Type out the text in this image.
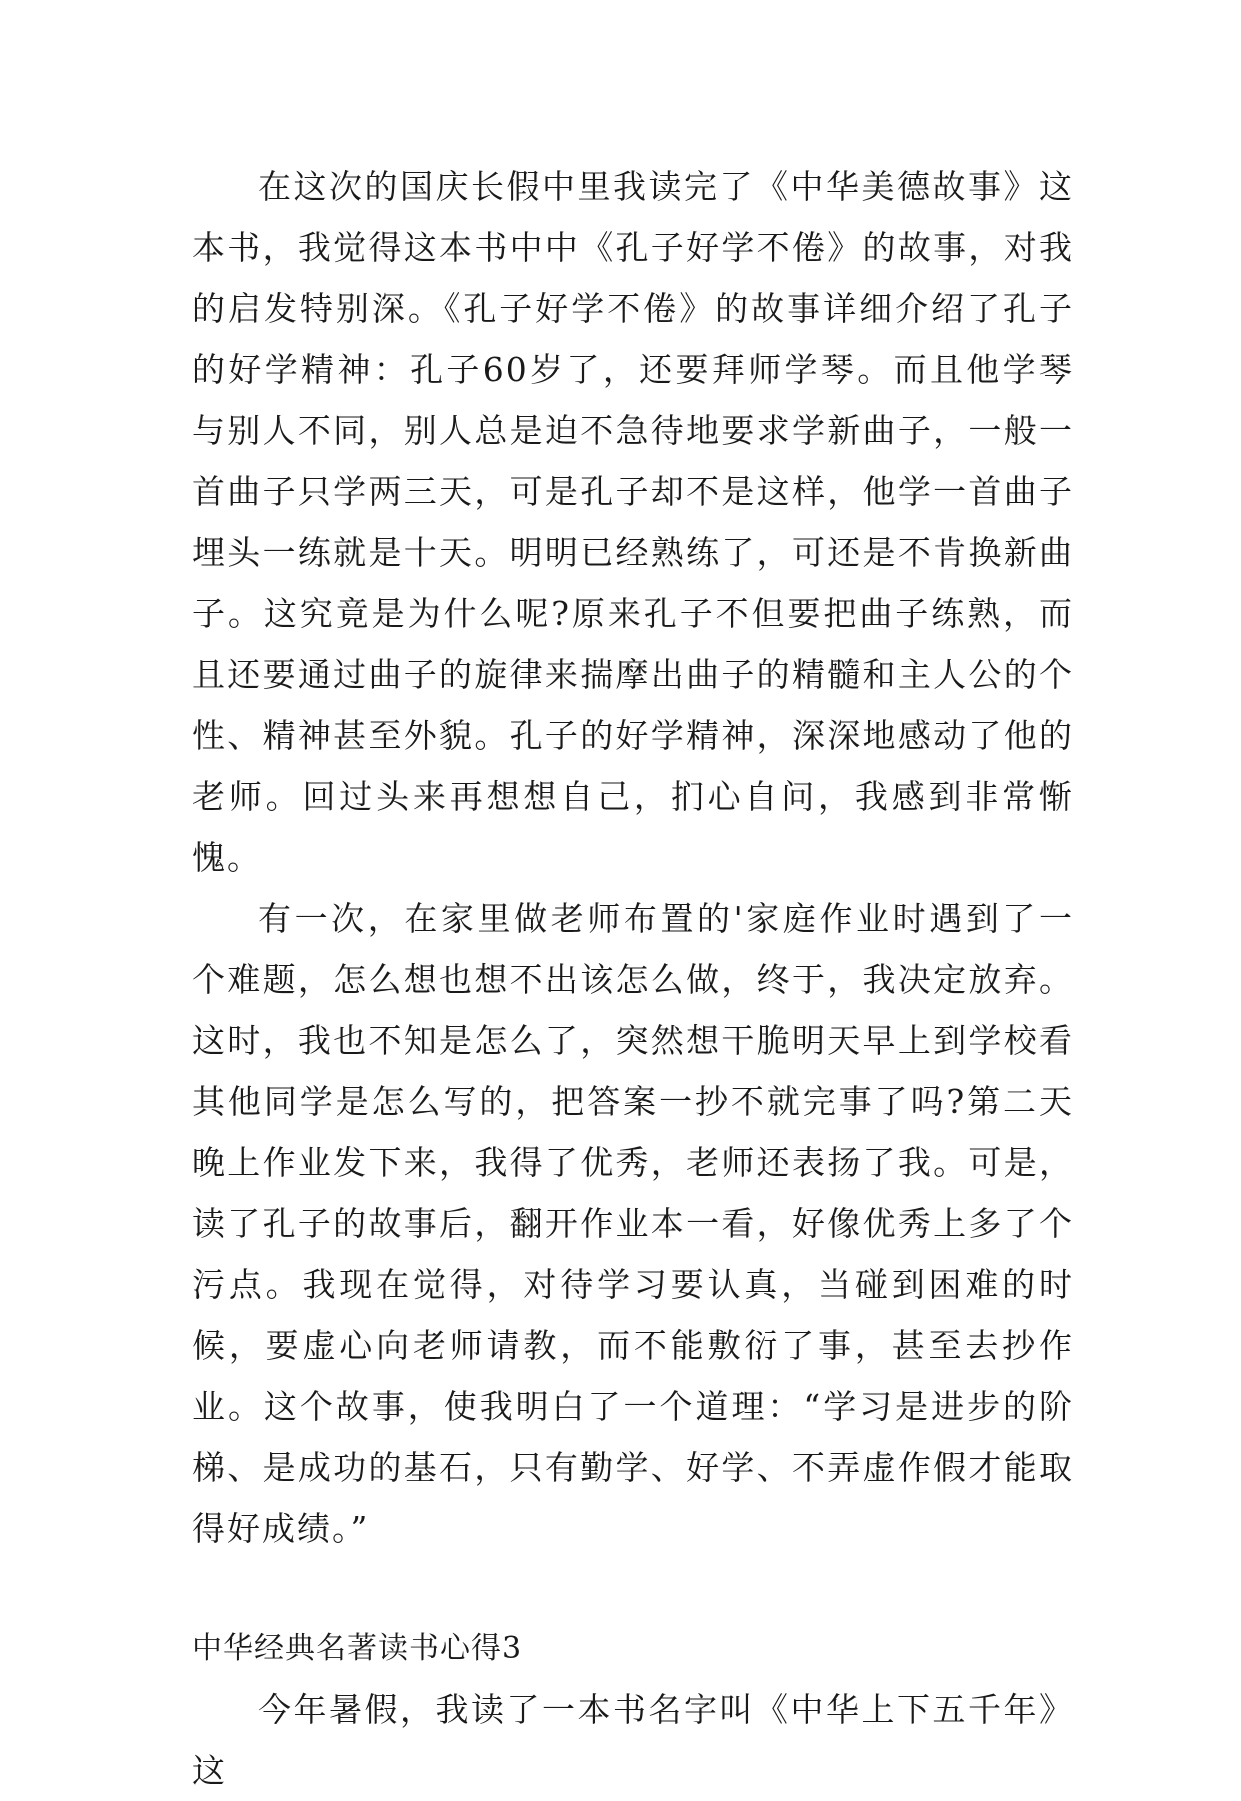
在这次的国庆长假中里我读完了《中华美德故事》这本书，我觉得这本书中中《孔子好学不倦》的故事，对我的启发特别深。《孔子好学不倦》的故事详细介绍了孔子的好学精神：孔子60岁了，还要拜师学琴。而且他学琴与别人不同，别人总是迫不急待地要求学新曲子，一般一首曲子只学两三天，可是孔子却不是这样，他学一首曲子埋头一练就是十天。明明已经熟练了，可还是不肯换新曲子。这究竟是为什么呢?原来孔子不但要把曲子练熟，而且还要通过曲子的旋律来揣摩出曲子的精髓和主人公的个性、精神甚至外貌。孔子的好学精神，深深地感动了他的老师。回过头来再想想自己，扪心自问，我感到非常惭愧。

有一次，在家里做老师布置的'家庭作业时遇到了一个难题，怎么想也想不出该怎么做，终于，我决定放弃。这时，我也不知是怎么了，突然想干脆明天早上到学校看其他同学是怎么写的，把答案一抄不就完事了吗?第二天晚上作业发下来，我得了优秀，老师还表扬了我。可是，读了孔子的故事后，翻开作业本一看，好像优秀上多了个污点。我现在觉得，对待学习要认真，当碰到困难的时候，要虚心向老师请教，而不能敷衍了事，甚至去抄作业。这个故事，使我明白了一个道理：“学习是进步的阶梯、是成功的基石，只有勤学、好学、不弄虚作假才能取得好成绩。”

中华经典名著读书心得3

今年暑假，我读了一本书名字叫《中华上下五千年》这
